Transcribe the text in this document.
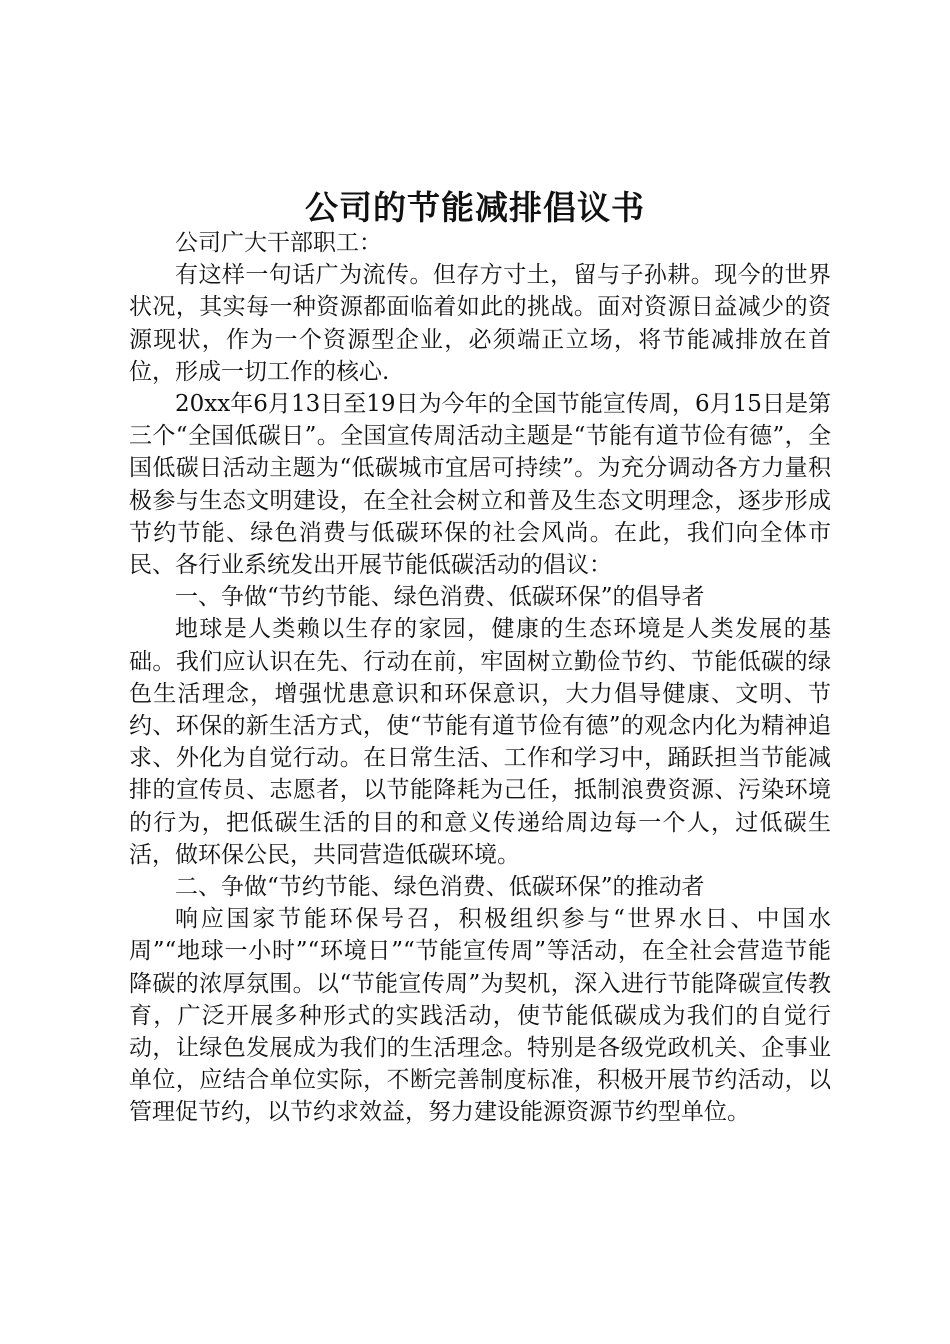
公司的节能减排倡议书

公司广大干部职工：

有这样一句话广为流传。但存方寸土，留与子孙耕。现今的世界状况，其实每一种资源都面临着如此的挑战。面对资源日益减少的资源现状，作为一个资源型企业，必须端正立场，将节能减排放在首位，形成一切工作的核心.

20xx年6月13日至19日为今年的全国节能宣传周，6月15日是第三个“全国低碳日”。全国宣传周活动主题是“节能有道节俭有德”，全国低碳日活动主题为“低碳城市宜居可持续”。为充分调动各方力量积极参与生态文明建设，在全社会树立和普及生态文明理念，逐步形成节约节能、绿色消费与低碳环保的社会风尚。在此，我们向全体市民、各行业系统发出开展节能低碳活动的倡议：

一、争做“节约节能、绿色消费、低碳环保”的倡导者

地球是人类赖以生存的家园，健康的生态环境是人类发展的基础。我们应认识在先、行动在前，牢固树立勤俭节约、节能低碳的绿色生活理念，增强忧患意识和环保意识，大力倡导健康、文明、节约、环保的新生活方式，使“节能有道节俭有德”的观念内化为精神追求、外化为自觉行动。在日常生活、工作和学习中，踊跃担当节能减排的宣传员、志愿者，以节能降耗为己任，抵制浪费资源、污染环境的行为，把低碳生活的目的和意义传递给周边每一个人，过低碳生活，做环保公民，共同营造低碳环境。

二、争做“节约节能、绿色消费、低碳环保”的推动者

响应国家节能环保号召，积极组织参与“世界水日、中国水周”“地球一小时”“环境日”“节能宣传周”等活动，在全社会营造节能降碳的浓厚氛围。以“节能宣传周”为契机，深入进行节能降碳宣传教育，广泛开展多种形式的实践活动，使节能低碳成为我们的自觉行动，让绿色发展成为我们的生活理念。特别是各级党政机关、企事业单位，应结合单位实际，不断完善制度标准，积极开展节约活动，以管理促节约，以节约求效益，努力建设能源资源节约型单位。
